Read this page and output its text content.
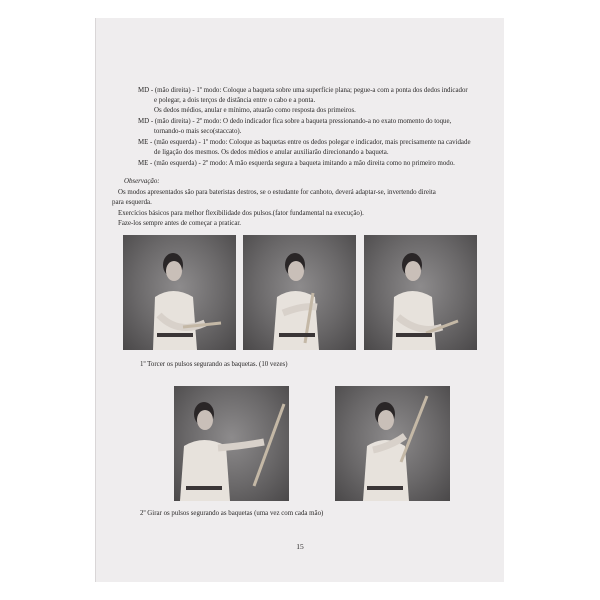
MD - (mão direita) - 1º modo: Coloque a baqueta sobre uma superfície plana; pegue-a com a ponta dos dedos indicador
e polegar, a dois terços de distância entre o cabo e a ponta.
Os dedos médios, anular e mínimo, atuarão como resposta dos primeiros.
MD - (mão direita) - 2º modo: O dedo indicador fica sobre a baqueta pressionando-a no exato momento do toque,
tornando-o mais seco(staccato).
ME - (mão esquerda) - 1º modo: Coloque as baquetas entre os dedos polegar e indicador, mais precisamente na cavidade
de ligação dos mesmos. Os dedos médios e anular auxiliarão direcionando a baqueta.
ME - (mão esquerda) - 2º modo: A mão esquerda segura a baqueta imitando a mão direita como no primeiro modo.
Observação:
Os modos apresentados são para bateristas destros, se o estudante for canhoto, deverá adaptar-se, invertendo direita
para esquerda.
Exercícios básicos para melhor flexibilidade dos pulsos.(fator fundamental na execução).
Faze-los sempre antes de começar a praticar.
1º Torcer os pulsos segurando as baquetas. (10 vezes)
2º Girar os pulsos segurando as baquetas (uma vez com cada mão)
15
